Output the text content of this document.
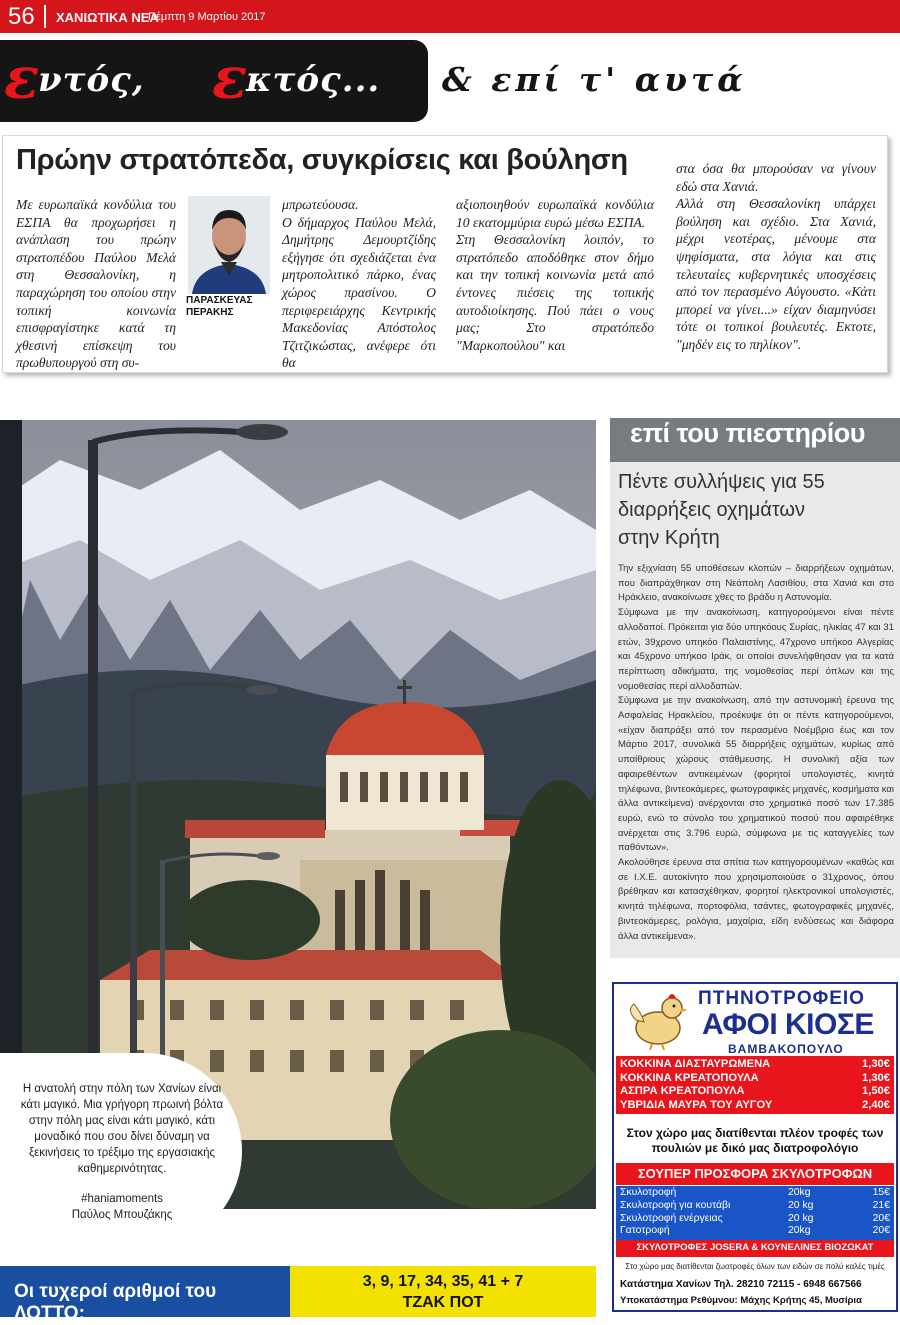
56 ΧΑΝΙΩΤΙΚΑ ΝΕΑ
Πέμπτη 9 Μαρτίου 2017
ε
ντός, ε
κτός... & επί τ' αυτά
Πρώην στρατόπεδα, συγκρίσεις και βούληση
Με ευρωπαϊκά κονδύλια του ΕΣΠΑ θα προχωρήσει η ανάπλαση του πρώην στρατοπέδου Παύλου Μελά στη Θεσσαλονίκη, η παραχώρηση του οποίου στην τοπική κοινωνία επισφραγίστηκε κατά τη χθεσινή επίσκεψη του πρωθυπουργού στη συ-
ΠΑΡΑΣΚΕΥΑΣ
ΠΕΡΑΚΗΣ
μπρωτεύουσα.
Ο δήμαρχος Παύλου Μελά, Δημήτρης Δεμουρτζίδης εξήγησε ότι σχεδιάζεται ένα μητροπολιτικό πάρκο, ένας χώρος πρασίνου. Ο περιφερειάρχης Κεντρικής Μακεδονίας Απόστολος Τζιτζικώστας, ανέφερε ότι θα
αξιοποιηθούν ευρωπαϊκά κονδύλια 10 εκατομμύρια ευρώ μέσω ΕΣΠΑ.
Στη Θεσσαλονίκη λοιπόν, το στρατόπεδο αποδόθηκε στον δήμο και την τοπική κοινωνία μετά από έντονες πιέσεις της τοπικής αυτοδιοίκησης. Πού πάει ο νους μας; Στο στρατόπεδο "Μαρκοπούλου" και
στα όσα θα μπορούσαν να γίνουν εδώ στα Χανιά.
Αλλά στη Θεσσαλονίκη υπάρχει βούληση και σχέδιο. Στα Χανιά, μέχρι νεοτέρας, μένουμε στα ψηφίσματα, στα λόγια και στις τελευταίες κυβερνητικές υποσχέσεις από τον περασμένο Αύγουστο. «Κάτι μπορεί να γίνει...» είχαν διαμηνύσει τότε οι τοπικοί βουλευτές. Εκτοτε, "μηδέν εις το πηλίκον".
Η ανατολή στην πόλη των Χανίων είναι κάτι μαγικό. Μια γρήγορη πρωινή βόλτα στην πόλη μας είναι κάτι μαγικό, κάτι μοναδικό που σου δίνει δύναμη να ξεκινήσεις το τρέξιμο της εργασιακής καθημερινότητας.
#haniamoments
Παύλος Μπουζάκης
Οι τυχεροί αριθμοί του ΛΟΤΤΟ:
3, 9, 17, 34, 35, 41 + 7
ΤΖΑΚ ΠΟΤ
επί του πιεστηρίου
Πέντε συλλήψεις για 55 διαρρήξεις οχημάτων στην Κρήτη

Την εξιχνίαση 55 υποθέσεων κλοπών – διαρρήξεων οχημάτων, που διαπράχθηκαν στη Νεάπολη Λασιθίου, στα Χανιά και στο Ηράκλειο, ανακοίνωσε χθες το βράδυ η Αστυνομία.

Σύμφωνα με την ανακοίνωση, κατηγορούμενοι είναι πέντε αλλοδαποί. Πρόκειται για δύο υπηκόους Συρίας, ηλικίας 47 και 31 ετών, 39χρονο υπηκόο Παλαιστίνης, 47χρονο υπήκοο Αλγερίας και 45χρονο υπήκοο Ιράκ, οι οποίοι συνελήφθησαν για τα κατά περίπτωση αδικήματα, της νομοθεσίας περί όπλων και της νομοθεσίας περί αλλοδαπών.

Σύμφωνα με την ανακοίνωση, από την αστυνομική έρευνα της Ασφαλείας Ηρακλείου, προέκυψε ότι οι πέντε κατηγορούμενοι, «είχαν διαπράξει από τον περασμένο Νοέμβριο έως και τον Μάρτιο 2017, συνολικά 55 διαρρήξεις οχημάτων, κυρίως από υπαίθριους χώρους στάθμευσης. Η συνολική αξία των αφαιρεθέντων αντικειμένων (φορητοί υπολογιστές, κινητά τηλέφωνα, βιντεοκάμερες, φωτογραφικές μηχανές, κοσμήματα και άλλα αντικείμενα) ανέρχονται στο χρηματικό ποσό των 17.385 ευρώ, ενώ το σύνολο του χρηματικού ποσού που αφαιρέθηκε ανέρχεται στις 3.796 ευρώ, σύμφωνα με τις καταγγελίες των παθόντων».

Ακολούθησε έρευνα στα σπίτια των κατηγορουμένων «καθώς και σε Ι.Χ.Ε. αυτοκίνητο που χρησιμοποιούσε ο 31χρονος, όπου βρέθηκαν και κατασχέθηκαν, φορητοί ηλεκτρονικοί υπολογιστές, κινητά τηλέφωνα, πορτοφόλια, τσάντες, φωτογραφικές μηχανές, βιντεοκάμερες, ρολόγια, μαχαίρια, είδη ενδύσεως και διάφορα άλλα αντικείμενα».

ΠΤΗΝΟΤΡΟΦΕΙΟ
ΑΦΟΙ ΚΙΟΣΕ
ΒΑΜΒΑΚΟΠΟΥΛΟ
ΚΟΚΚΙΝΑ ΔΙΑΣΤΑΥΡΩΜΕΝΑ	1,30€
ΚΟΚΚΙΝΑ ΚΡΕΑΤΟΠΟΥΛΑ	1,30€
ΑΣΠΡΑ ΚΡΕΑΤΟΠΟΥΛΑ	1,50€
ΥΒΡΙΔΙΑ ΜΑΥΡΑ ΤΟΥ ΑΥΓΟΥ	2,40€
Στον χώρο μας διατίθενται πλέον τροφές των πουλιών με δικό μας διατροφολόγιο
ΣΟΥΠΕΡ ΠΡΟΣΦΟΡΑ ΣΚΥΛΟΤΡΟΦΩΝ
Σκυλοτροφή	20kg	15€
Σκυλοτροφή για κουτάβι	20 kg	21€
Σκυλοτροφή ενέργειας	20 kg	20€
Γατοτροφή	20kg	20€
ΣΚΥΛΟΤΡΟΦΕΣ JOSERA & ΚΟΥΝΕΛΙΝΕΣ ΒΙΟΖΩΚΑΤ
Στο χώρο μας διατίθενται ζωοτροφές όλων των ειδών σε πολύ καλές τιμές
Κατάστημα Χανίων Τηλ. 28210 72115 - 6948 667566
Υποκατάστημα Ρεθύμνου: Μάχης Κρήτης 45, Μυσίρια
